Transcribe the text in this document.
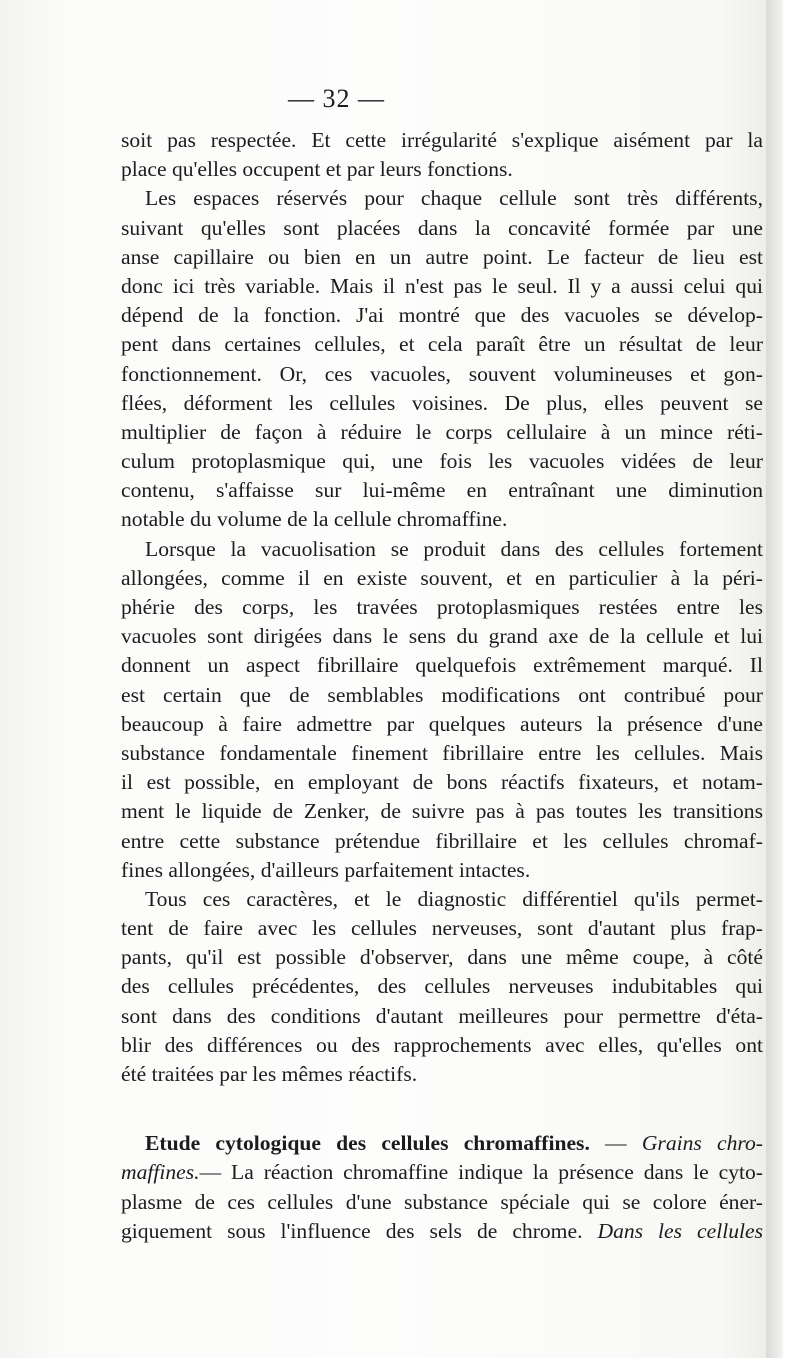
— 32 —
soit pas respectée. Et cette irrégularité s'explique aisément par la
place qu'elles occupent et par leurs fonctions.
Les espaces réservés pour chaque cellule sont très différents,
suivant qu'elles sont placées dans la concavité formée par une
anse capillaire ou bien en un autre point. Le facteur de lieu est
donc ici très variable. Mais il n'est pas le seul. Il y a aussi celui qui
dépend de la fonction. J'ai montré que des vacuoles se dévelop-
pent dans certaines cellules, et cela paraît être un résultat de leur
fonctionnement. Or, ces vacuoles, souvent volumineuses et gon-
flées, déforment les cellules voisines. De plus, elles peuvent se
multiplier de façon à réduire le corps cellulaire à un mince réti-
culum protoplasmique qui, une fois les vacuoles vidées de leur
contenu, s'affaisse sur lui-même en entraînant une diminution
notable du volume de la cellule chromaffine.
Lorsque la vacuolisation se produit dans des cellules fortement
allongées, comme il en existe souvent, et en particulier à la péri-
phérie des corps, les travées protoplasmiques restées entre les
vacuoles sont dirigées dans le sens du grand axe de la cellule et lui
donnent un aspect fibrillaire quelquefois extrêmement marqué. Il
est certain que de semblables modifications ont contribué pour
beaucoup à faire admettre par quelques auteurs la présence d'une
substance fondamentale finement fibrillaire entre les cellules. Mais
il est possible, en employant de bons réactifs fixateurs, et notam-
ment le liquide de Zenker, de suivre pas à pas toutes les transitions
entre cette substance prétendue fibrillaire et les cellules chromaf-
fines allongées, d'ailleurs parfaitement intactes.
Tous ces caractères, et le diagnostic différentiel qu'ils permet-
tent de faire avec les cellules nerveuses, sont d'autant plus frap-
pants, qu'il est possible d'observer, dans une même coupe, à côté
des cellules précédentes, des cellules nerveuses indubitables qui
sont dans des conditions d'autant meilleures pour permettre d'éta-
blir des différences ou des rapprochements avec elles, qu'elles ont
été traitées par les mêmes réactifs.
Etude cytologique des cellules chromaffines. — Grains chro-
maffines.— La réaction chromaffine indique la présence dans le cyto-
plasme de ces cellules d'une substance spéciale qui se colore éner-
giquement sous l'influence des sels de chrome. Dans les cellules
